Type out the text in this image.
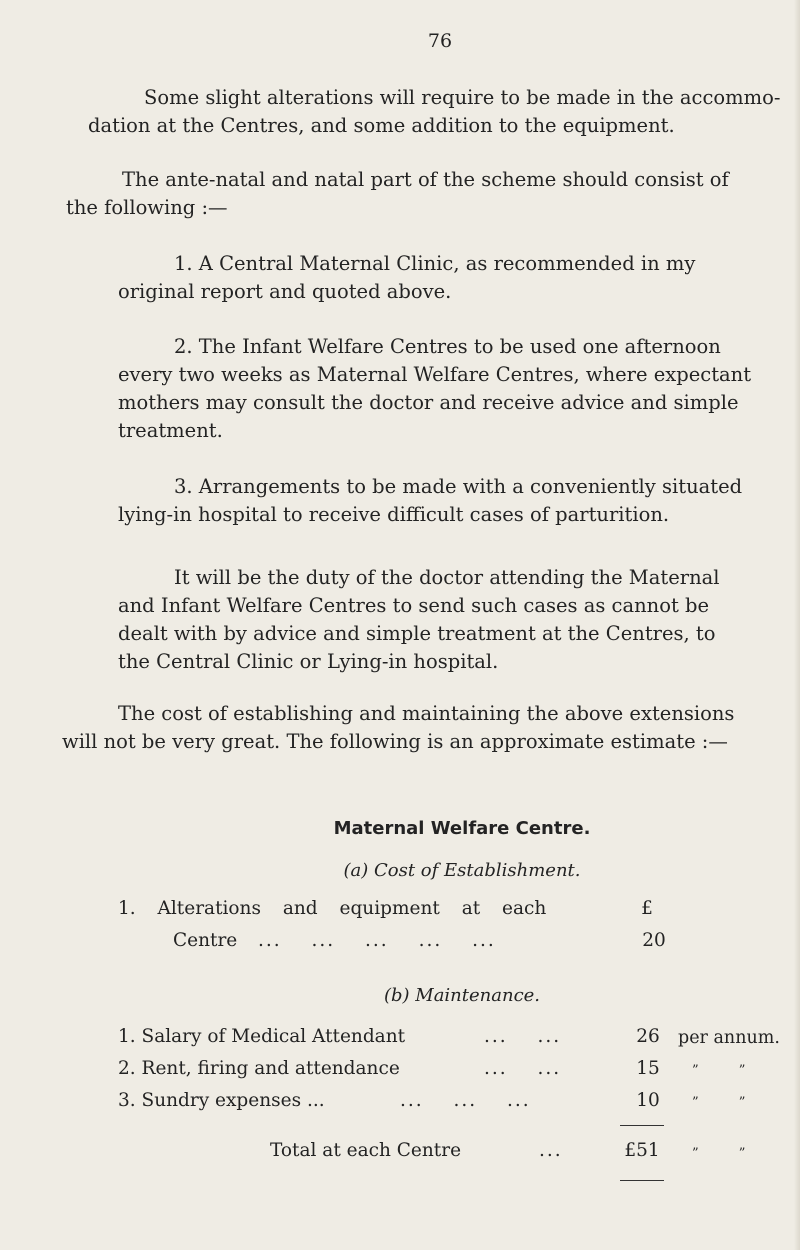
76

Some slight alterations will require to be made in the accommo-

dation at the Centres, and some addition to the equipment.

The ante-natal and natal part of the scheme should consist of

the following :—

1. A Central Maternal Clinic, as recommended in my

original report and quoted above.

2. The Infant Welfare Centres to be used one afternoon

every two weeks as Maternal Welfare Centres, where expectant

mothers may consult the doctor and receive advice and simple

treatment.

3. Arrangements to be made with a conveniently situated

lying-in hospital to receive difficult cases of parturition.

It will be the duty of the doctor attending the Maternal

and Infant Welfare Centres to send such cases as cannot be

dealt with by advice and simple treatment at the Centres, to

the Central Clinic or Lying-in hospital.

The cost of establishing and maintaining the above extensions

will not be very great. The following is an approximate estimate :—

Maternal Welfare Centre.
(a) Cost of Establishment.
1. Alterations and equipment at each	£
Centre ... ... ... ... ...	20
(b) Maintenance.
1. Salary of Medical Attendant	... ...	26	per annum.
2. Rent, firing and attendance	... ...	15	” ”
3. Sundry expenses ...	... ... ...	10	” ”
Total at each Centre	...	£51	” ”
